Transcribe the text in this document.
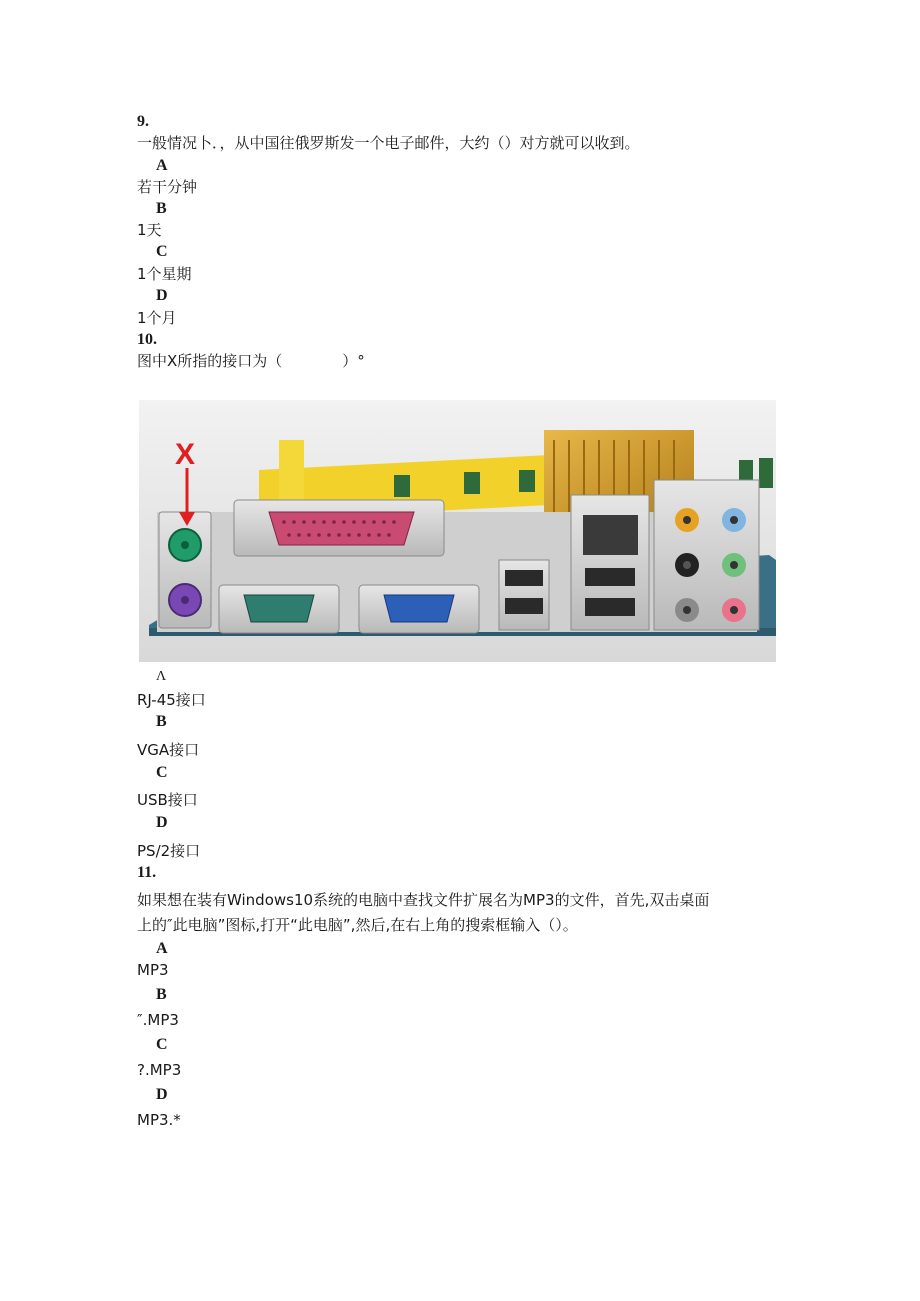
9.
一般情况卜．，从中国往俄罗斯发一个电子邮件，大约（）对方就可以收到。
A
若干分钟
B
1天
C
1个星期
D
1个月
10.
图中X所指的接口为（　　　　）°
X
Λ
RJ-45接口
B
VGA接口
C
USB接口
D
PS/2接口
11.
如果想在装有Windows10系统的电脑中查找文件扩展名为MP3的文件，首先,双击桌面
上的″此电脑”图标,打开“此电脑”,然后,在右上角的搜索框输入（）。
A
MP3
B
″.MP3
C
?.MP3
D
MP3.*
